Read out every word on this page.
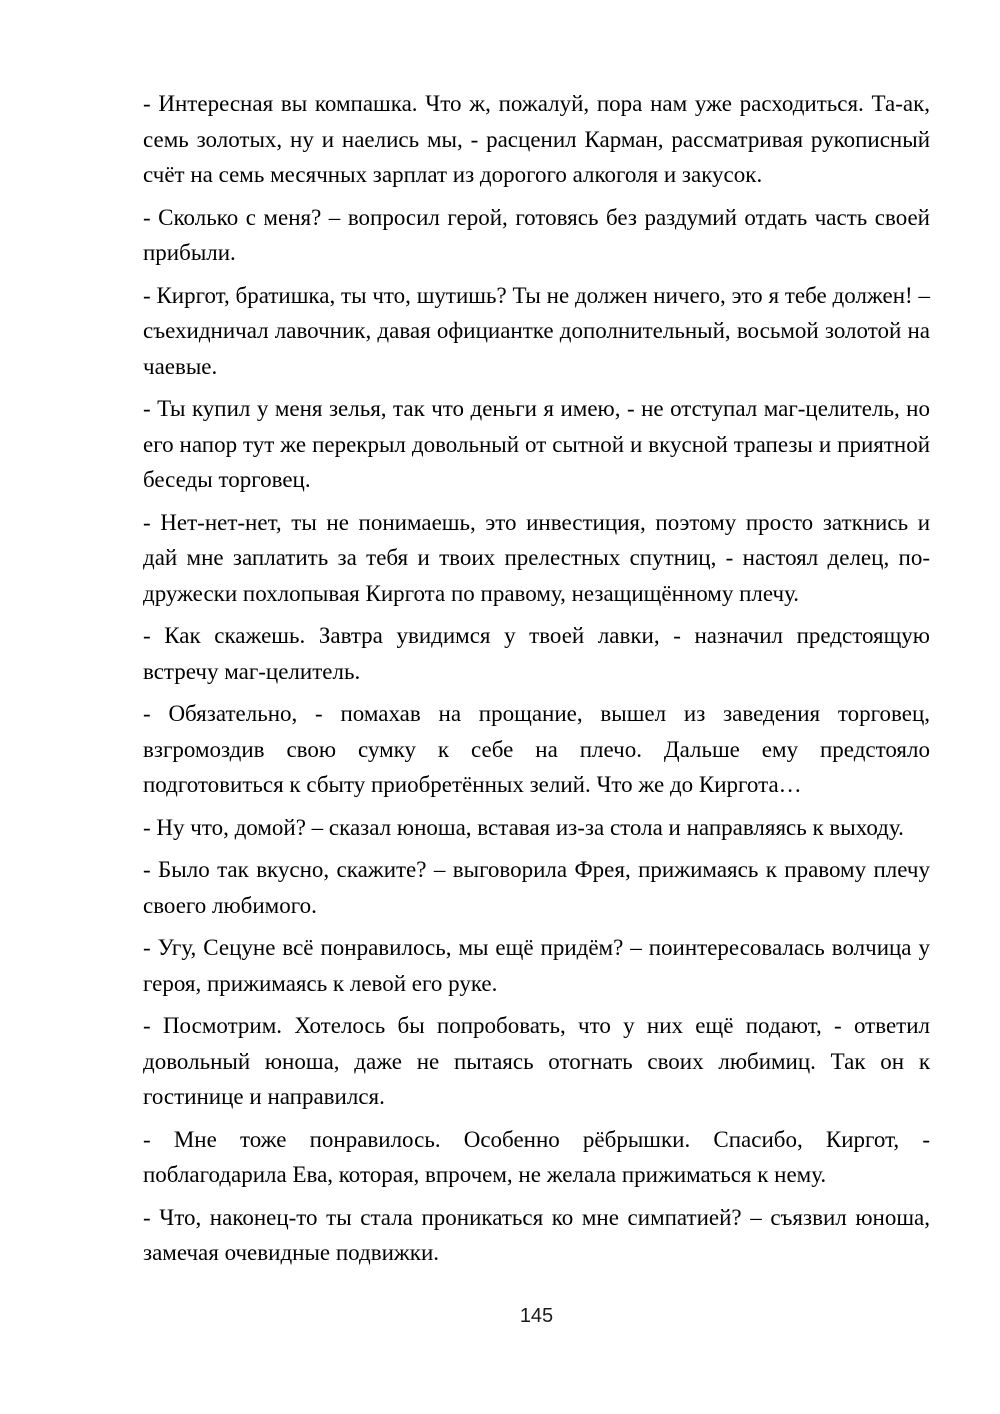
- Интересная вы компашка. Что ж, пожалуй, пора нам уже расходиться. Та-ак, семь золотых, ну и наелись мы, - расценил Карман, рассматривая рукописный счёт на семь месячных зарплат из дорогого алкоголя и закусок.

- Сколько с меня? – вопросил герой, готовясь без раздумий отдать часть своей прибыли.

- Киргот, братишка, ты что, шутишь? Ты не должен ничего, это я тебе должен! – съехидничал лавочник, давая официантке дополнительный, восьмой золотой на чаевые.

- Ты купил у меня зелья, так что деньги я имею, - не отступал маг-целитель, но его напор тут же перекрыл довольный от сытной и вкусной трапезы и приятной беседы торговец.

- Нет-нет-нет, ты не понимаешь, это инвестиция, поэтому просто заткнись и дай мне заплатить за тебя и твоих прелестных спутниц, - настоял делец, по-дружески похлопывая Киргота по правому, незащищённому плечу.

- Как скажешь. Завтра увидимся у твоей лавки, - назначил предстоящую встречу маг-целитель.

- Обязательно, - помахав на прощание, вышел из заведения торговец, взгромоздив свою сумку к себе на плечо. Дальше ему предстояло подготовиться к сбыту приобретённых зелий. Что же до Киргота…

- Ну что, домой? – сказал юноша, вставая из-за стола и направляясь к выходу.

- Было так вкусно, скажите? – выговорила Фрея, прижимаясь к правому плечу своего любимого.

- Угу, Сецуне всё понравилось, мы ещё придём? – поинтересовалась волчица у героя, прижимаясь к левой его руке.

- Посмотрим. Хотелось бы попробовать, что у них ещё подают, - ответил довольный юноша, даже не пытаясь отогнать своих любимиц. Так он к гостинице и направился.

- Мне тоже понравилось. Особенно рёбрышки. Спасибо, Киргот, - поблагодарила Ева, которая, впрочем, не желала прижиматься к нему.

- Что, наконец-то ты стала проникаться ко мне симпатией? – съязвил юноша, замечая очевидные подвижки.

145
